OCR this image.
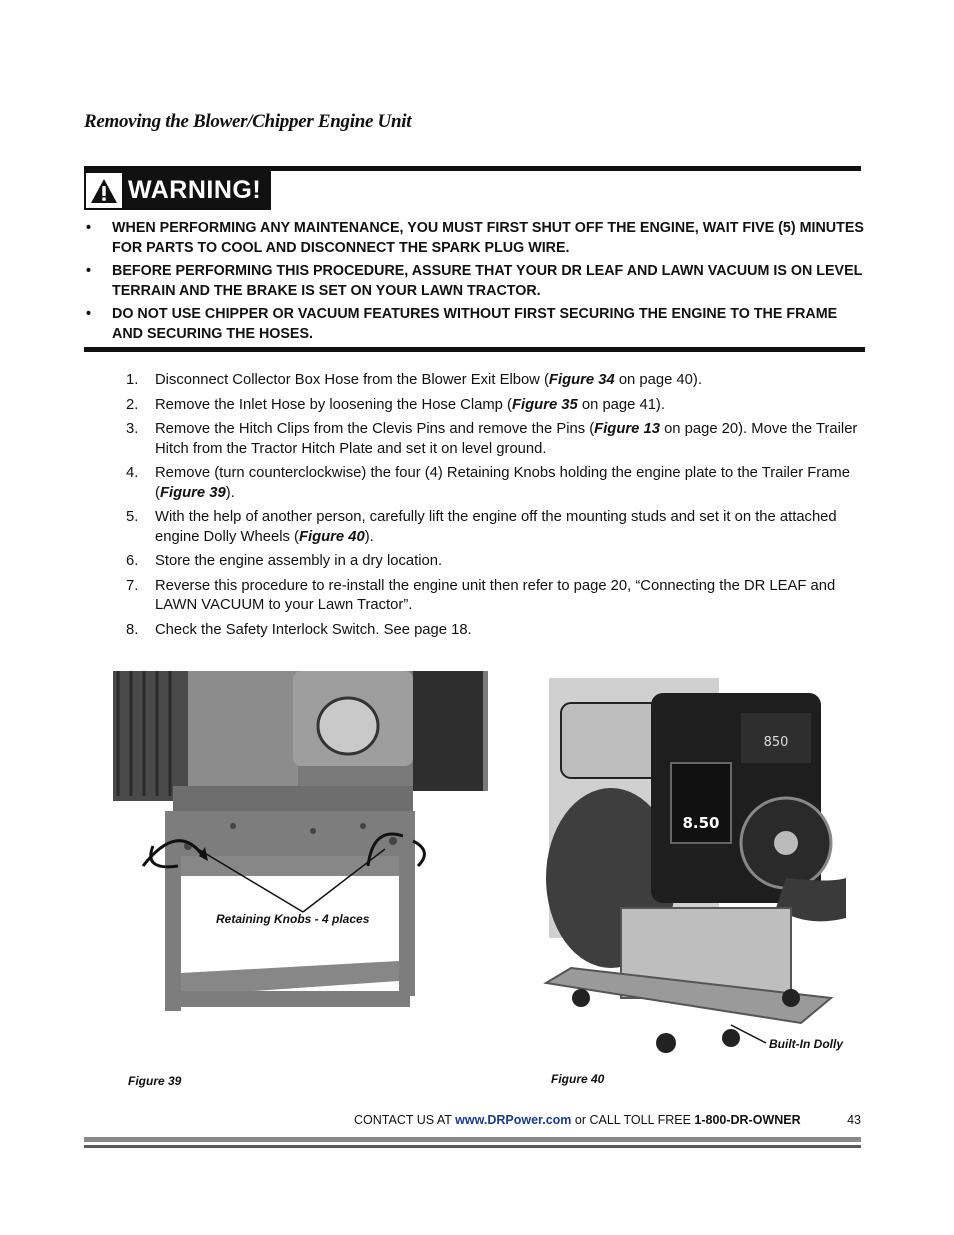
Removing the Blower/Chipper Engine Unit
WARNING!
• WHEN PERFORMING ANY MAINTENANCE, YOU MUST FIRST SHUT OFF THE ENGINE, WAIT FIVE (5) MINUTES FOR PARTS TO COOL AND DISCONNECT THE SPARK PLUG WIRE.
• BEFORE PERFORMING THIS PROCEDURE, ASSURE THAT YOUR DR LEAF AND LAWN VACUUM IS ON LEVEL TERRAIN AND THE BRAKE IS SET ON YOUR LAWN TRACTOR.
• DO NOT USE CHIPPER OR VACUUM FEATURES WITHOUT FIRST SECURING THE ENGINE TO THE FRAME AND SECURING THE HOSES.
1. Disconnect Collector Box Hose from the Blower Exit Elbow (Figure 34 on page 40).
2. Remove the Inlet Hose by loosening the Hose Clamp (Figure 35 on page 41).
3. Remove the Hitch Clips from the Clevis Pins and remove the Pins (Figure 13 on page 20). Move the Trailer Hitch from the Tractor Hitch Plate and set it on level ground.
4. Remove (turn counterclockwise) the four (4) Retaining Knobs holding the engine plate to the Trailer Frame (Figure 39).
5. With the help of another person, carefully lift the engine off the mounting studs and set it on the attached engine Dolly Wheels (Figure 40).
6. Store the engine assembly in a dry location.
7. Reverse this procedure to re-install the engine unit then refer to page 20, “Connecting the DR LEAF and LAWN VACUUM to your Lawn Tractor”.
8. Check the Safety Interlock Switch. See page 18.
Retaining Knobs - 4 places
Figure 39
850
8.50
Built-In Dolly
Figure 40
CONTACT US AT www.DRPower.com or CALL TOLL FREE 1-800-DR-OWNER	43
